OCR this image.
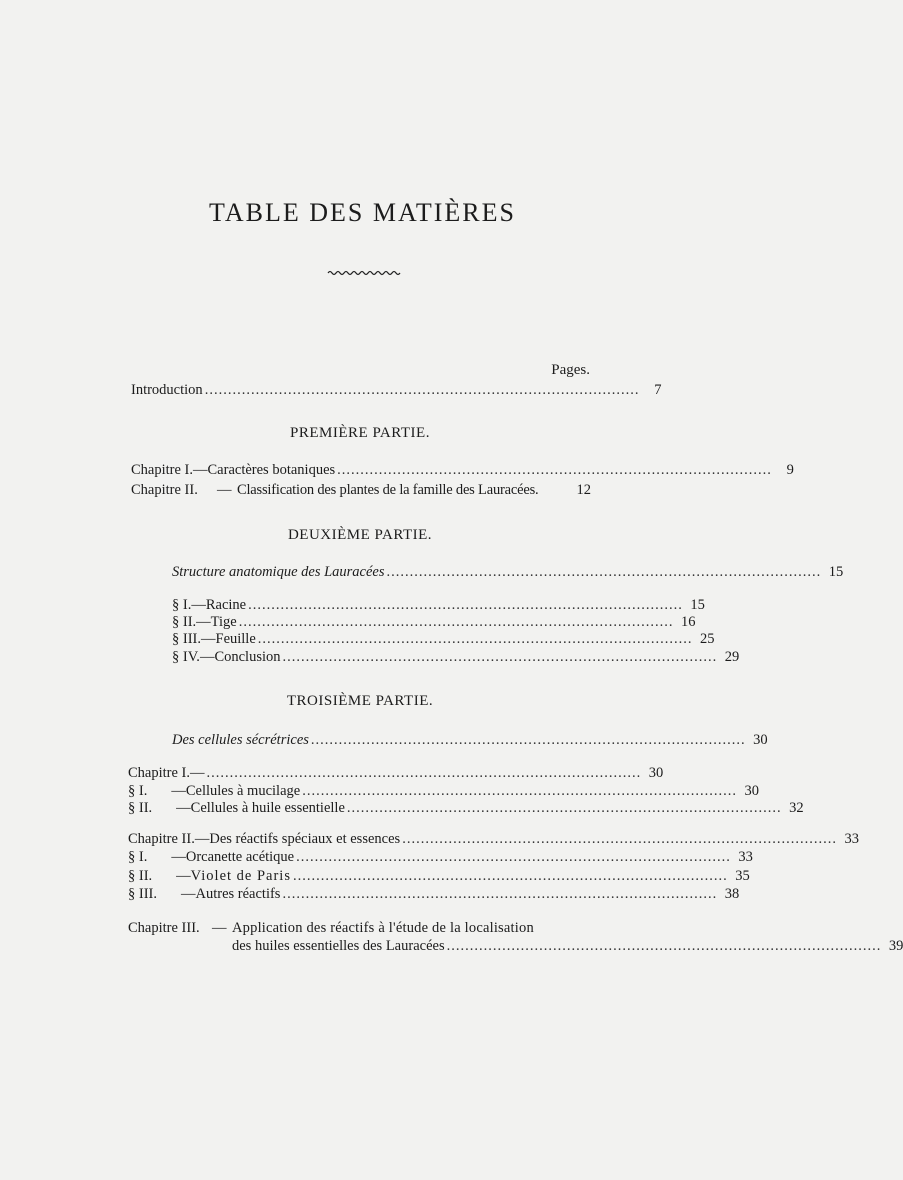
TABLE DES MATIÈRES
Pages.
Introduction ..............................................................................................	7
PREMIÈRE PARTIE.
Chapitre I. — Caractères botaniques ..............................................................................................	9
Chapitre II.	— Classification des plantes de la famille des Lauracées.	12
DEUXIÈME PARTIE.
Structure anatomique des Lauracées .............................................................................................. 15
§ I. — Racine .............................................................................................. 15
§ II. — Tige .............................................................................................. 16
§ III. — Feuille .............................................................................................. 25
§ IV. — Conclusion .............................................................................................. 29
TROISIÈME PARTIE.
Des cellules sécrétrices .............................................................................................. 30
Chapitre I. — .............................................................................................. 30
§ I.	— Cellules à mucilage .............................................................................................. 30
§ II.	— Cellules à huile essentielle .............................................................................................. 32
Chapitre II. — Des réactifs spéciaux et essences .............................................................................................. 33
§ I.	— Orcanette acétique .............................................................................................. 33
§ II.	— Violet de Paris .............................................................................................. 35
§ III.	— Autres réactifs .............................................................................................. 38
Chapitre III. — Application des réactifs à l'étude de la localisation
des huiles essentielles des Lauracées .............................................................................................. 39
